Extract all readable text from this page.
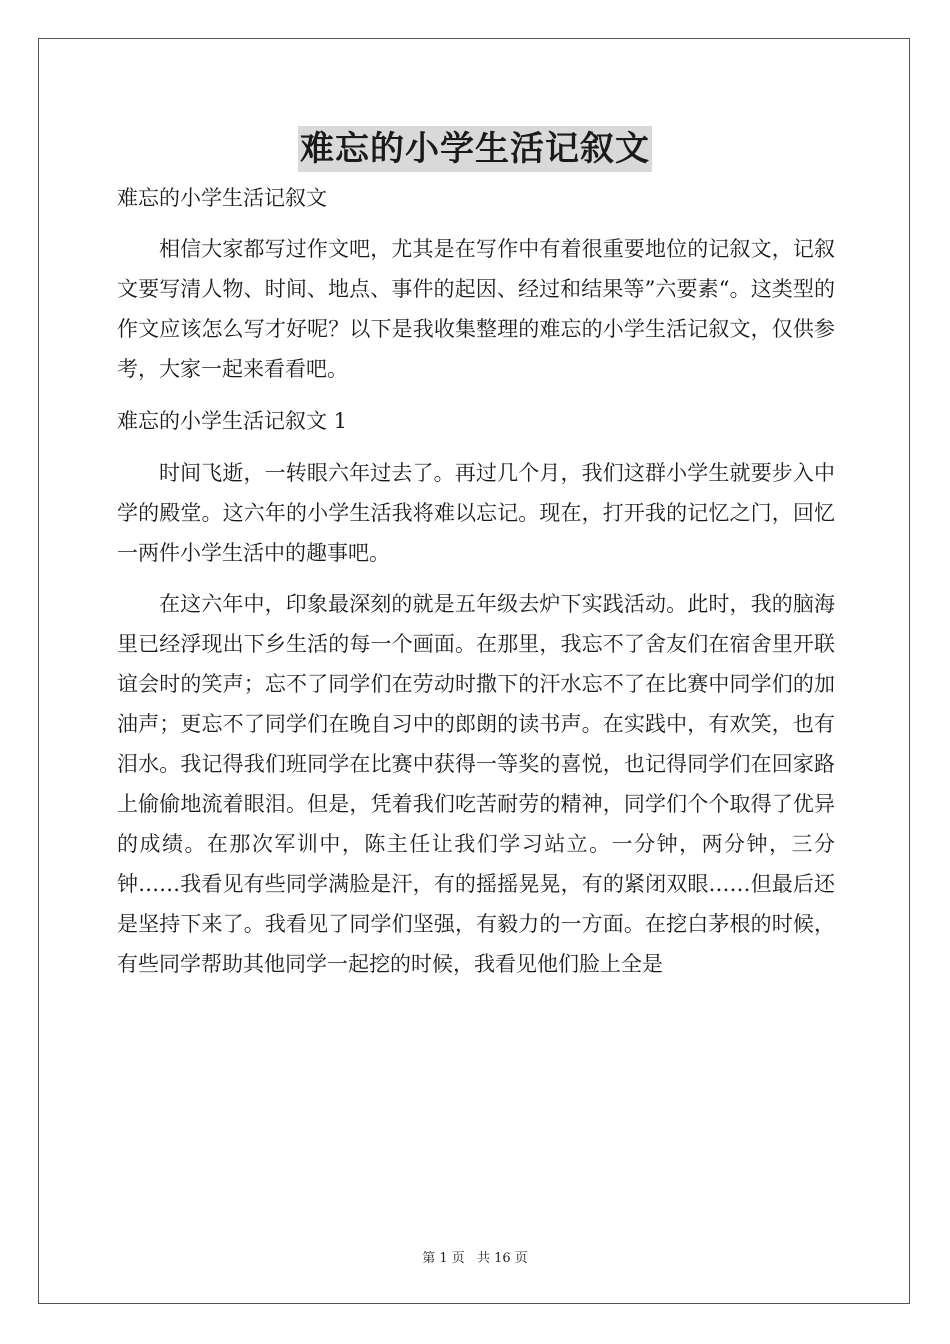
难忘的小学生活记叙文

难忘的小学生活记叙文

相信大家都写过作文吧，尤其是在写作中有着很重要地位的记叙文，记叙文要写清人物、时间、地点、事件的起因、经过和结果等”六要素“。这类型的作文应该怎么写才好呢？以下是我收集整理的难忘的小学生活记叙文，仅供参考，大家一起来看看吧。

难忘的小学生活记叙文 1

时间飞逝，一转眼六年过去了。再过几个月，我们这群小学生就要步入中学的殿堂。这六年的小学生活我将难以忘记。现在，打开我的记忆之门，回忆一两件小学生活中的趣事吧。

在这六年中，印象最深刻的就是五年级去炉下实践活动。此时，我的脑海里已经浮现出下乡生活的每一个画面。在那里，我忘不了舍友们在宿舍里开联谊会时的笑声；忘不了同学们在劳动时撒下的汗水忘不了在比赛中同学们的加油声；更忘不了同学们在晚自习中的郎朗的读书声。在实践中，有欢笑，也有泪水。我记得我们班同学在比赛中获得一等奖的喜悦，也记得同学们在回家路上偷偷地流着眼泪。但是，凭着我们吃苦耐劳的精神，同学们个个取得了优异的成绩。在那次军训中，陈主任让我们学习站立。一分钟，两分钟，三分钟……我看见有些同学满脸是汗，有的摇摇晃晃，有的紧闭双眼……但最后还是坚持下来了。我看见了同学们坚强，有毅力的一方面。在挖白茅根的时候，有些同学帮助其他同学一起挖的时候，我看见他们脸上全是

第 1 页 共 16 页
